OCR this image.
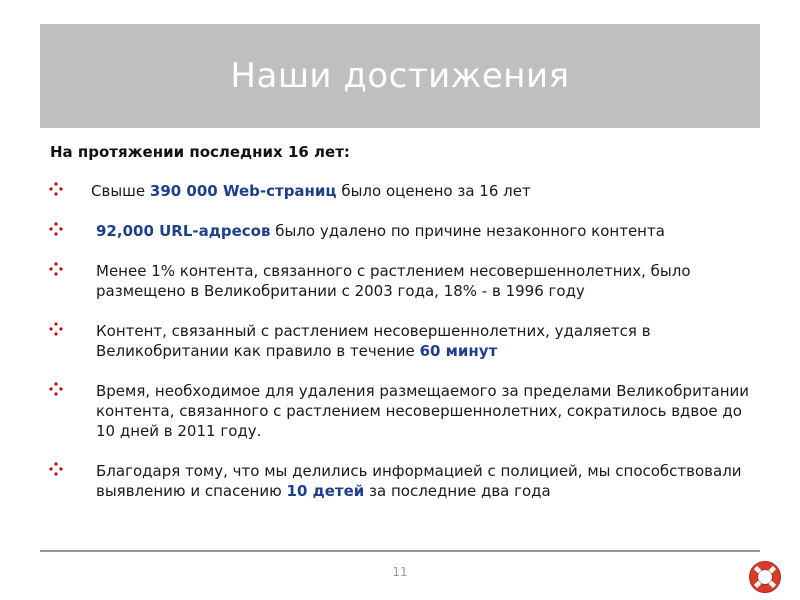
Наши достижения
На протяжении последних 16 лет:
Свыше 390 000 Web-страниц было оценено за 16 лет
92,000 URL-адресов было удалено по причине незаконного контента
Менее 1% контента, связанного с растлением несовершеннолетних, было размещено в Великобритании с 2003 года, 18% - в 1996 году
Контент, связанный с растлением несовершеннолетних, удаляется в Великобритании как правило в течение 60 минут
Время, необходимое для удаления размещаемого за пределами Великобритании контента, связанного с растлением несовершеннолетних, сократилось вдвое до 10 дней в 2011 году.
Благодаря тому, что мы делились информацией с полицией, мы способствовали выявлению и спасению 10 детей за последние два года
11
